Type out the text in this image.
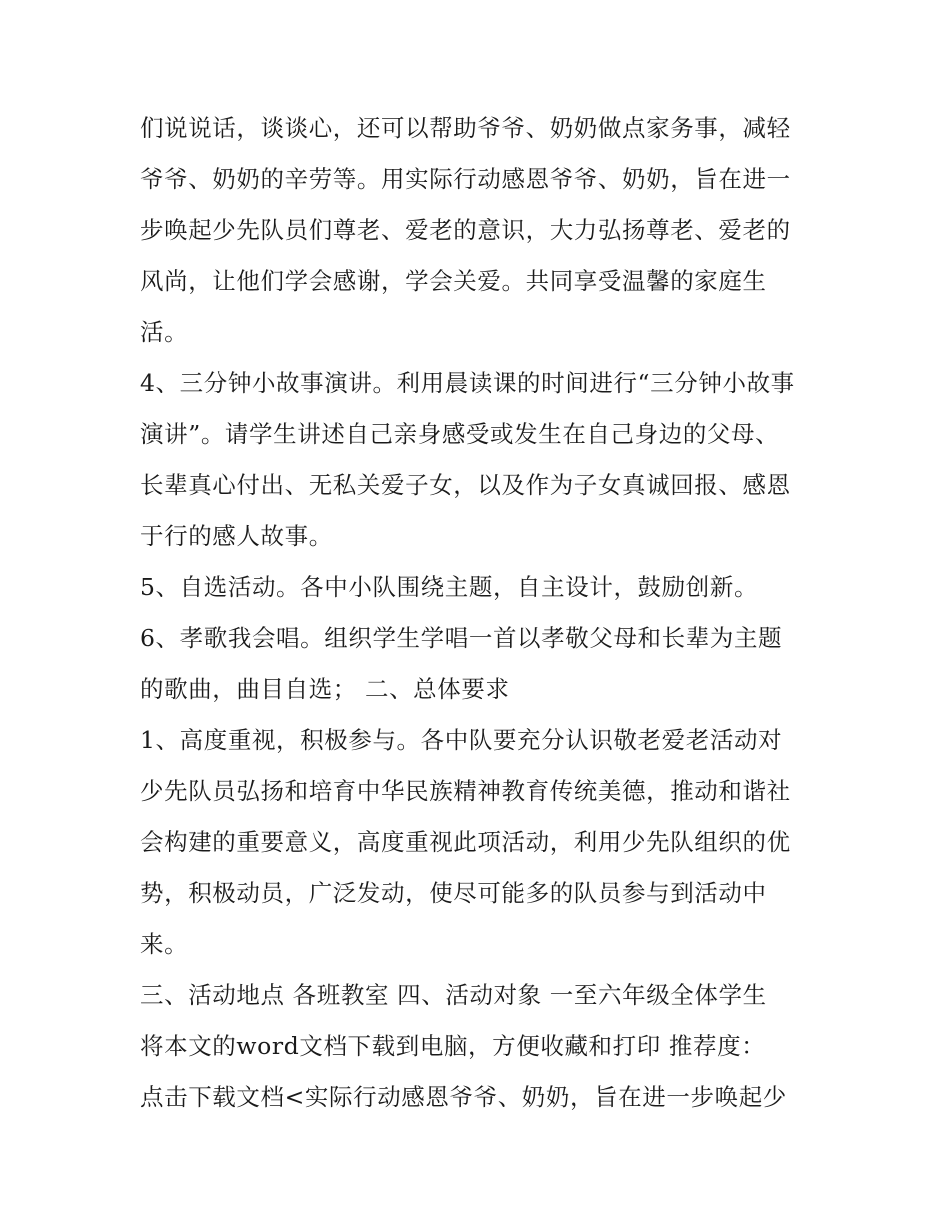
们说说话，谈谈心，还可以帮助爷爷、奶奶做点家务事，减轻
爷爷、奶奶的辛劳等。用实际行动感恩爷爷、奶奶，旨在进一
步唤起少先队员们尊老、爱老的意识，大力弘扬尊老、爱老的
风尚，让他们学会感谢，学会关爱。共同享受温馨的家庭生
活。
4、三分钟小故事演讲。利用晨读课的时间进行“三分钟小故事
演讲”。请学生讲述自己亲身感受或发生在自己身边的父母、
长辈真心付出、无私关爱子女，以及作为子女真诚回报、感恩
于行的感人故事。
5、自选活动。各中小队围绕主题，自主设计，鼓励创新。
6、孝歌我会唱。组织学生学唱一首以孝敬父母和长辈为主题
的歌曲，曲目自选； 二、总体要求
1、高度重视，积极参与。各中队要充分认识敬老爱老活动对
少先队员弘扬和培育中华民族精神教育传统美德，推动和谐社
会构建的重要意义，高度重视此项活动，利用少先队组织的优
势，积极动员，广泛发动，使尽可能多的队员参与到活动中
来。
三、活动地点 各班教室 四、活动对象 一至六年级全体学生
将本文的word文档下载到电脑，方便收藏和打印 推荐度：
点击下载文档<实际行动感恩爷爷、奶奶，旨在进一步唤起少
